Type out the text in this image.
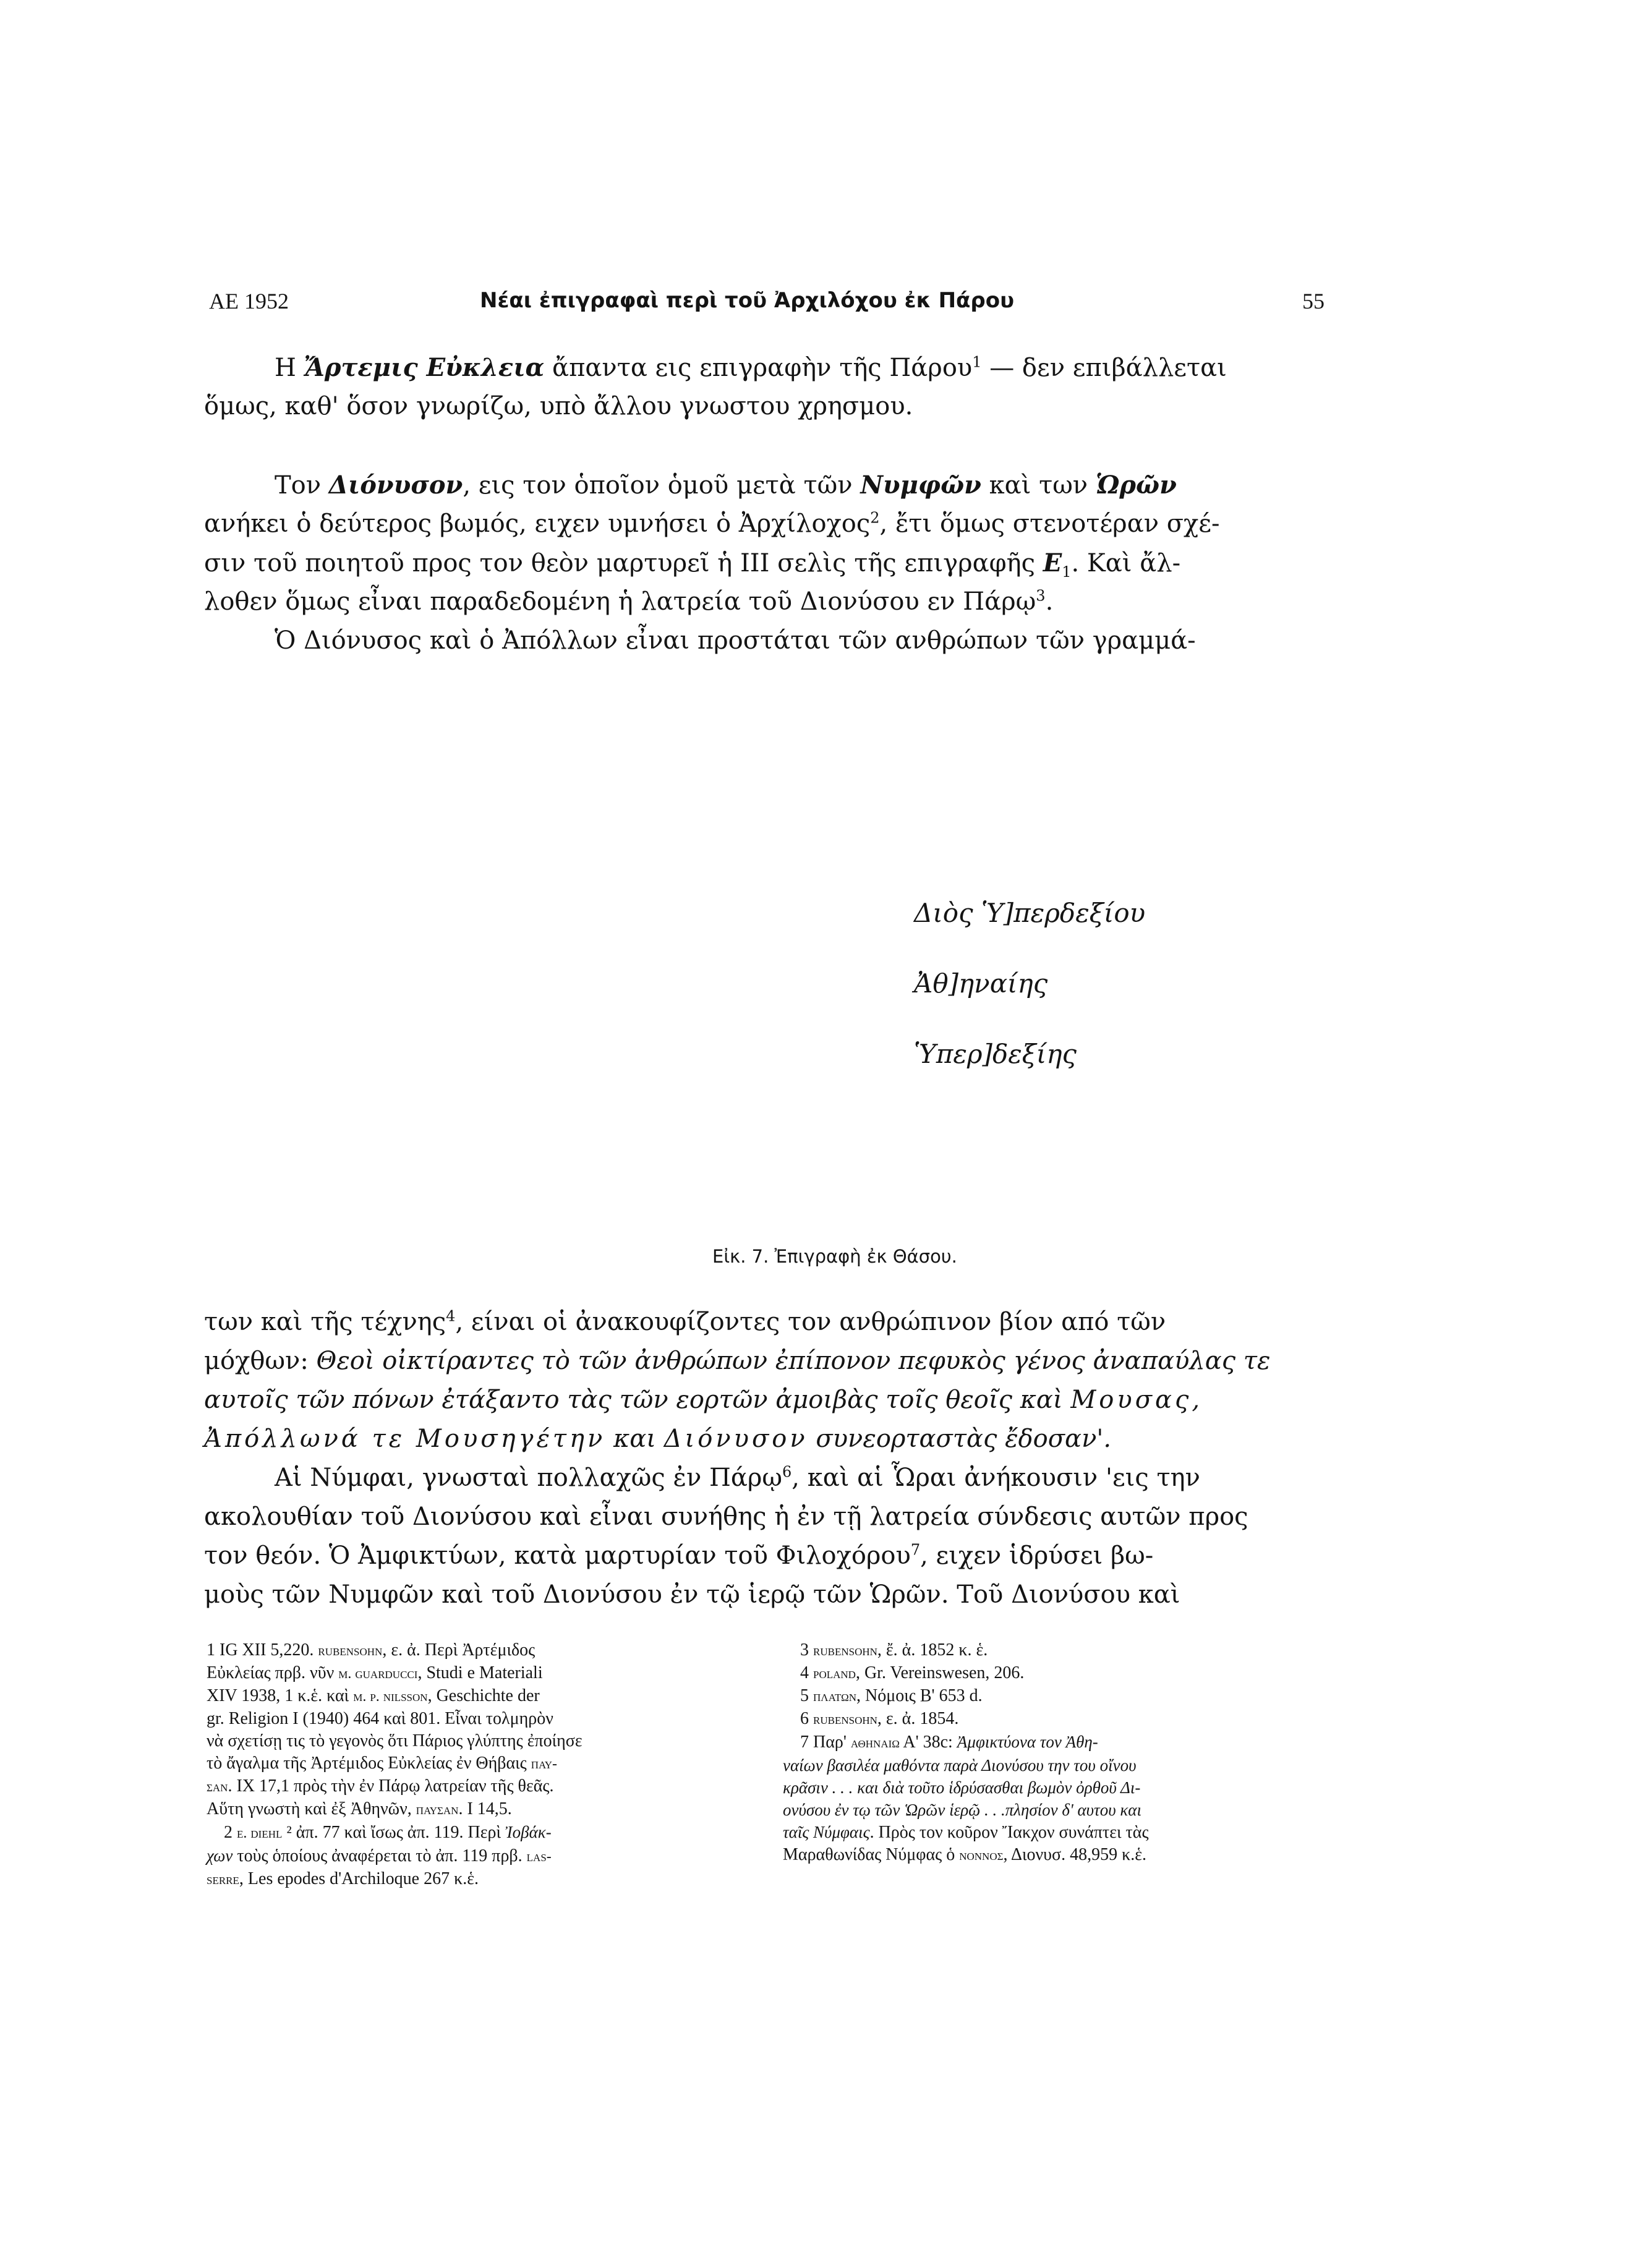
ΑΕ 1952	Νέαι ἐπιγραφαὶ περὶ τοῦ Ἀρχιλόχου ἐκ Πάρου	55
Η Ἄρτεμις Εὐκλεια ἄπαντα εις επιγραφὴν τῆς Πάρου$^1$ — δεν επιβάλλεται
ὅμως, καθ' ὅσον γνωρίζω, υπὸ ἄλλου γνωστου χρησμου.
Τον Διόνυσον, εις τον ὁποῖον ὁμοῦ μετὰ τῶν Νυμφῶν καὶ των Ὡρῶν
ανήκει ὁ δεύτερος βωμός, ειχεν υμνήσει ὁ Ἀρχίλοχος$^2$, ἔτι ὅμως στενοτέραν σχέ-
σιν τοῦ ποιητοῦ προς τον θεὸν μαρτυρεῖ ἡ III σελὶς τῆς επιγραφῆς $E_1$. Καὶ ἄλ-
λοθεν ὅμως εἶναι παραδεδομένη ἡ λατρεία τοῦ Διονύσου εν Πάρῳ$^3$.
Ὁ Διόνυσος καὶ ὁ Ἀπόλλων εἶναι προστάται τῶν ανθρώπων τῶν γραμμά-
Διὸς Ὑ]περδεξίου
Ἀθ]ηναίης
Ὑπερ]δεξίης
Εἰκ. 7. Ἐπιγραφὴ ἐκ Θάσου.
των καὶ τῆς τέχνης$^4$, είναι οἱ ἀνακουφίζοντες τον ανθρώπινον βίον από τῶν
μόχθων: Θεοὶ οἰκτίραντες τὸ τῶν ἀνθρώπων ἐπίπονον πεφυκὸς γένος ἀναπαύλας τε
αυτοῖς τῶν πόνων ἐτάξαντο τὰς τῶν εορτῶν ἀμοιβὰς τοῖς θεοῖς καὶ Μουσας,
Ἀπόλλωνά τε Μουσηγέτην και Διόνυσον συνεορταστὰς ἔδοσαν'.
Αἱ Νύμφαι, γνωσταὶ πολλαχῶς ἐν Πάρῳ$^6$, καὶ αἱ Ὧραι ἀνήκουσιν 'εις την
ακολουθίαν τοῦ Διονύσου καὶ εἶναι συνήθης ἡ ἐν τῇ λατρεία σύνδεσις αυτῶν προς
τον θεόν. Ὁ Ἀμφικτύων, κατὰ μαρτυρίαν τοῦ Φιλοχόρου$^7$, ειχεν ἱδρύσει βω-
μοὺς τῶν Νυμφῶν καὶ τοῦ Διονύσου ἐν τῷ ἱερῷ τῶν Ὡρῶν. Τοῦ Διονύσου καὶ
1 IG XII 5,220. rubensohn, ε. ἀ. Περὶ Ἀρτέμιδος
Εὐκλείας πρβ. νῦν m. guarducci, Studi e Materiali
XIV 1938, 1 κ.ἑ. καὶ m. p. nilsson, Geschichte der
gr. Religion I (1940) 464 καὶ 801. Εἶναι τολμηρὸν
νὰ σχετίσῃ τις τὸ γεγονὸς ὅτι Πάριος γλύπτης ἐποίησε
τὸ ἄγαλμα τῆς Ἀρτέμιδος Εὐκλείας ἐν Θήβαις παυ-
σαν. IX 17,1 πρὸς τὴν ἐν Πάρῳ λατρείαν τῆς θεᾶς.
Αὕτη γνωστὴ καὶ ἐξ Ἀθηνῶν, παυσαν. I 14,5.
2 e. diehl ² ἀπ. 77 καὶ ἴσως ἀπ. 119. Περὶ Ἰοβάκ-
χων τοὺς ὁποίους ἀναφέρεται τὸ ἀπ. 119 πρβ. las-
serre, Les epodes d'Archiloque 267 κ.ἑ.
3 rubensohn, ἔ. ἀ. 1852 κ. ἑ.
4 poland, Gr. Vereinswesen, 206.
5 πλατων, Νόμοις Β' 653 d.
6 rubensohn, ε. ἀ. 1854.
7 Παρ' αθηναιω Α' 38c: Ἀμφικτύονα τον Ἀθη-
ναίων βασιλέα μαθόντα παρὰ Διονύσου την του οἴνου
κρᾶσιν . . . και διὰ τοῦτο ἱδρύσασθαι βωμὸν ὀρθοῦ Δι-
ονύσου ἐν τῳ τῶν Ὡρῶν ἱερῷ . . .πλησίον δ' αυτου και
ταῖς Νύμφαις. Πρὸς τον κοῦρον Ἴακχον συνάπτει τὰς
Μαραθωνίδας Νύμφας ὁ νοννος, Διονυσ. 48,959 κ.ἑ.
